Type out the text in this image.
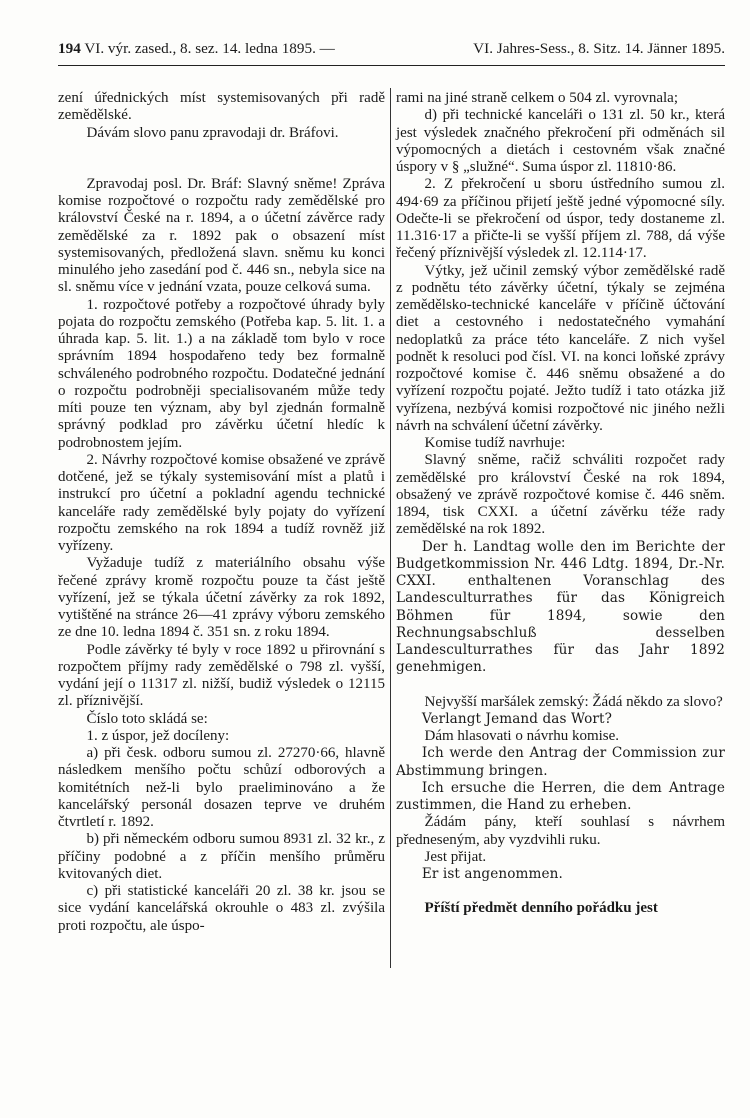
194 VI. výr. zased., 8. sez. 14. ledna 1895. —	VI. Jahres-Sess., 8. Sitz. 14. Jänner 1895.

zení úřednických míst systemisovaných při radě zemědělské.

Dávám slovo panu zpravodaji dr. Bráfovi.

Zpravodaj posl. Dr. Bráf: Slavný sněme! Zpráva komise rozpočtové o rozpočtu rady zemědělské pro království České na r. 1894, a o účetní závěrce rady zemědělské za r. 1892 pak o obsazení míst systemisovaných, předložená slavn. sněmu ku konci minulého jeho zasedání pod č. 446 sn., nebyla sice na sl. sněmu více v jednání vzata, pouze celková suma.

1. rozpočtové potřeby a rozpočtové úhrady byly pojata do rozpočtu zemského (Potřeba kap. 5. lit. 1. a úhrada kap. 5. lit. 1.) a na základě tom bylo v roce správním 1894 hospodařeno tedy bez formalně schváleného podrobného rozpočtu. Dodatečné jednání o rozpočtu podrobněji specialisovaném může tedy míti pouze ten význam, aby byl zjednán formalně správný podklad pro závěrku účetní hledíc k podrobnostem jejím.

2. Návrhy rozpočtové komise obsažené ve zprávě dotčené, jež se týkaly systemisování míst a platů i instrukcí pro účetní a pokladní agendu technické kanceláře rady zemědělské byly pojaty do vyřízení rozpočtu zemského na rok 1894 a tudíž rovněž již vyřízeny.

Vyžaduje tudíž z materiálního obsahu výše řečené zprávy kromě rozpočtu pouze ta část ještě vyřízení, jež se týkala účetní závěrky za rok 1892, vytištěné na stránce 26—41 zprávy výboru zemského ze dne 10. ledna 1894 č. 351 sn. z roku 1894.

Podle závěrky té byly v roce 1892 u přirovnání s rozpočtem příjmy rady zemědělské o 798 zl. vyšší, vydání její o 11317 zl. nižší, budiž výsledek o 12115 zl. příznivější.

Číslo toto skládá se:

1. z úspor, jež docíleny:

a) při česk. odboru sumou zl. 27270·66, hlavně následkem menšího počtu schůzí odborových a komitétních než-li bylo praeliminováno a že kancelářský personál dosazen teprve ve druhém čtvrtletí r. 1892.

b) při německém odboru sumou 8931 zl. 32 kr., z příčiny podobné a z příčin menšího průměru kvitovaných diet.

c) při statistické kanceláři 20 zl. 38 kr. jsou se sice vydání kancelářská okrouhle o 483 zl. zvýšila proti rozpočtu, ale úspo-

rami na jiné straně celkem o 504 zl. vyrovnala;

d) při technické kanceláři o 131 zl. 50 kr., která jest výsledek značného překročení při odměnách sil výpomocných a dietách i cestovném však značné úspory v § „služné“. Suma úspor zl. 11810·86.

2. Z překročení u sboru ústředního sumou zl. 494·69 za příčinou přijetí ještě jedné výpomocné síly. Odečte-li se překročení od úspor, tedy dostaneme zl. 11.316·17 a přičte-li se vyšší příjem zl. 788, dá výše řečený příznivější výsledek zl. 12.114·17.

Výtky, jež učinil zemský výbor zemědělské radě z podnětu této závěrky účetní, týkaly se zejména zemědělsko-technické kanceláře v příčině účtování diet a cestovného i nedostatečného vymahání nedoplatků za práce této kanceláře. Z nich vyšel podnět k resoluci pod čísl. VI. na konci loňské zprávy rozpočtové komise č. 446 sněmu obsažené a do vyřízení rozpočtu pojaté. Ježto tudíž i tato otázka již vyřízena, nezbývá komisi rozpočtové nic jiného nežli návrh na schválení účetní závěrky.

Komise tudíž navrhuje:

Slavný sněme, račiž schváliti rozpočet rady zemědělské pro království České na rok 1894, obsažený ve zprávě rozpočtové komise č. 446 sněm. 1894, tisk CXXI. a účetní závěrku téže rady zemědělské na rok 1892.

Der h. Landtag wolle den im Berichte der Budgetkommission Nr. 446 Ldtg. 1894, Dr.-Nr. CXXI. enthaltenen Voranschlag des Landesculturrathes für das Königreich Böhmen für 1894, sowie den Rechnungsabschluß desselben Landesculturrathes für das Jahr 1892 genehmigen.

Nejvyšší maršálek zemský: Žádá někdo za slovo?

Verlangt Jemand das Wort?

Dám hlasovati o návrhu komise.

Ich werde den Antrag der Commission zur Abstimmung bringen.

Ich ersuche die Herren, die dem Antrage zustimmen, die Hand zu erheben.

Žádám pány, kteří souhlasí s návrhem předneseným, aby vyzdvihli ruku.

Jest přijat.

Er ist angenommen.

Příští předmět denního pořádku jest
